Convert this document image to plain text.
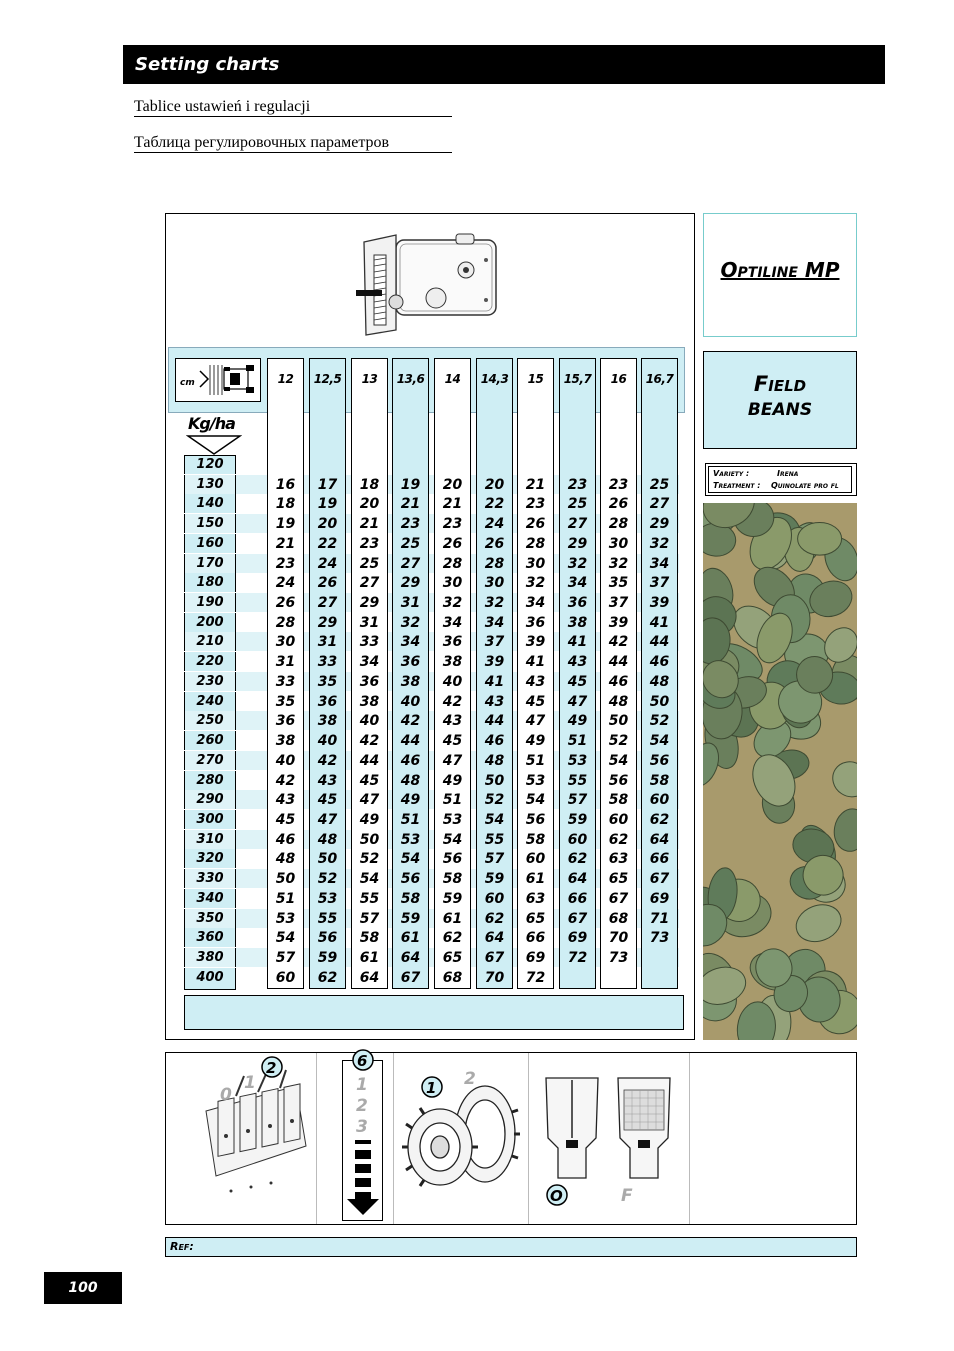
Setting charts
Tablice ustawień i regulacji
Таблица регулировочных параметров
cm
Kg/ha
12	12,5	13	13,6	14	14,3	15	15,7	16	16,7
120
130	16	17	18	19	20	20	21	23	23	25
140	18	19	20	21	21	22	23	25	26	27
150	19	20	21	23	23	24	26	27	28	29
160	21	22	23	25	26	26	28	29	30	32
170	23	24	25	27	28	28	30	32	32	34
180	24	26	27	29	30	30	32	34	35	37
190	26	27	29	31	32	32	34	36	37	39
200	28	29	31	32	34	34	36	38	39	41
210	30	31	33	34	36	37	39	41	42	44
220	31	33	34	36	38	39	41	43	44	46
230	33	35	36	38	40	41	43	45	46	48
240	35	36	38	40	42	43	45	47	48	50
250	36	38	40	42	43	44	47	49	50	52
260	38	40	42	44	45	46	49	51	52	54
270	40	42	44	46	47	48	51	53	54	56
280	42	43	45	48	49	50	53	55	56	58
290	43	45	47	49	51	52	54	57	58	60
300	45	47	49	51	53	54	56	59	60	62
310	46	48	50	53	54	55	58	60	62	64
320	48	50	52	54	56	57	60	62	63	66
330	50	52	54	56	58	59	61	64	65	67
340	51	53	55	58	59	60	63	66	67	69
350	53	55	57	59	61	62	65	67	68	71
360	54	56	58	61	62	64	66	69	70	73
380	57	59	61	64	65	67	69	72	73
400	60	62	64	67	68	70	72
Optiline MP
Field
BEANS
Variety :	Irena
Treatment : Quinolate pro fl
0
1
2	6
1
2
3
1 2
O	F
Ref:
100
